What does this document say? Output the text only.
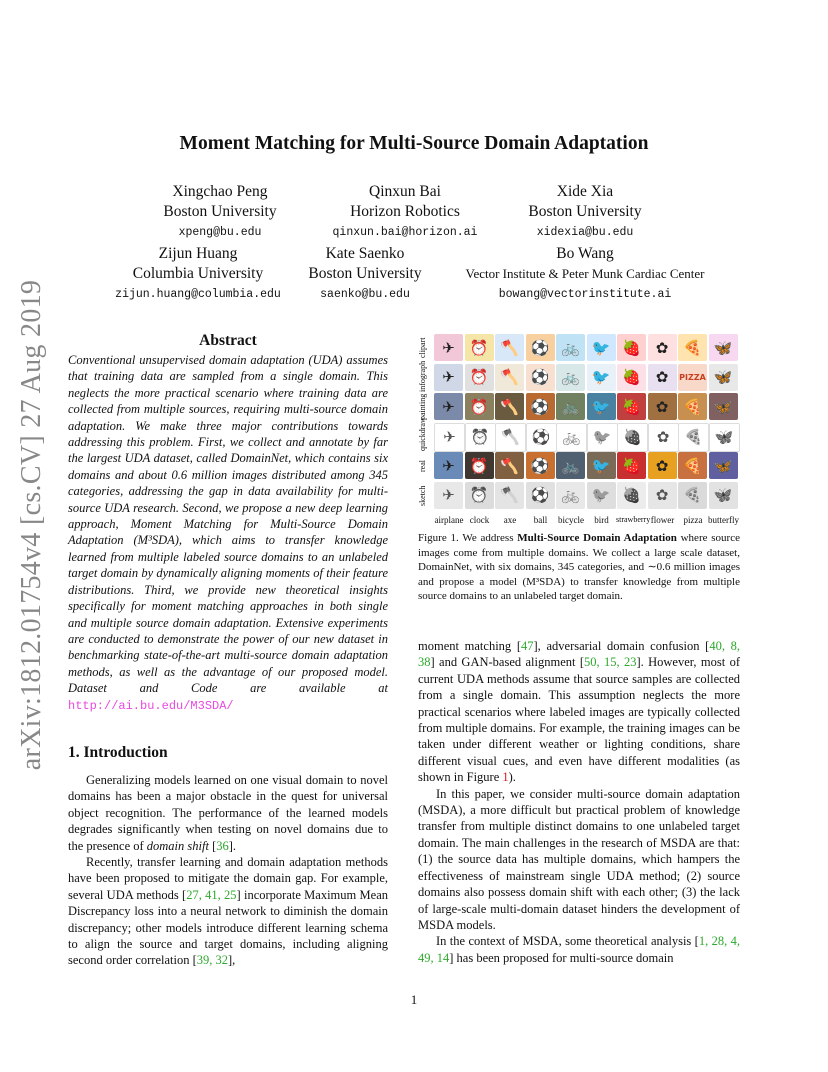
arXiv:1812.01754v4 [cs.CV] 27 Aug 2019
Moment Matching for Multi-Source Domain Adaptation
Xingchao Peng
Boston University
xpeng@bu.edu
Qinxun Bai
Horizon Robotics
qinxun.bai@horizon.ai
Xide Xia
Boston University
xidexia@bu.edu
Zijun Huang
Columbia University
zijun.huang@columbia.edu
Kate Saenko
Boston University
saenko@bu.edu
Bo Wang
Vector Institute & Peter Munk Cardiac Center
bowang@vectorinstitute.ai
Abstract
Conventional unsupervised domain adaptation (UDA) assumes that training data are sampled from a single domain. This neglects the more practical scenario where training data are collected from multiple sources, requiring multi-source domain adaptation. We make three major contributions towards addressing this problem. First, we collect and annotate by far the largest UDA dataset, called DomainNet, which contains six domains and about 0.6 million images distributed among 345 categories, addressing the gap in data availability for multi-source UDA research. Second, we propose a new deep learning approach, Moment Matching for Multi-Source Domain Adaptation (M³SDA), which aims to transfer knowledge learned from multiple labeled source domains to an unlabeled target domain by dynamically aligning moments of their feature distributions. Third, we provide new theoretical insights specifically for moment matching approaches in both single and multiple source domain adaptation. Extensive experiments are conducted to demonstrate the power of our new dataset in benchmarking state-of-the-art multi-source domain adaptation methods, as well as the advantage of our proposed model. Dataset and Code are available at http://ai.bu.edu/M3SDA/
1. Introduction

Generalizing models learned on one visual domain to novel domains has been a major obstacle in the quest for universal object recognition. The performance of the learned models degrades significantly when testing on novel domains due to the presence of domain shift [36].

Recently, transfer learning and domain adaptation methods have been proposed to mitigate the domain gap. For example, several UDA methods [27, 41, 25] incorporate Maximum Mean Discrepancy loss into a neural network to diminish the domain discrepancy; other models introduce different learning schema to align the source and target domains, including aligning second order correlation [39, 32],

clipart	✈ ⏰ 🪓 ⚽ 🚲 🐦 🍓 ✿ 🍕 🦋
infograph	✈ ⏰ 🪓 ⚽ 🚲 🐦 🍓 ✿	PIZZA 🦋
painting	✈ ⏰ 🪓 ⚽ 🚲 🐦 🍓 ✿ 🍕 🦋
quickdraw	✈ ⏰ 🪓 ⚽ 🚲 🐦 🍓 ✿ 🍕 🦋
real	✈ ⏰ 🪓 ⚽ 🚲 🐦 🍓 ✿ 🍕 🦋
sketch	✈ ⏰ 🪓 ⚽ 🚲 🐦 🍓 ✿ 🍕 🦋
airplane clock	axe	ball	bicycle	bird strawberry flower	pizza butterfly
Figure 1. We address Multi-Source Domain Adaptation where source images come from multiple domains. We collect a large scale dataset, DomainNet, with six domains, 345 categories, and ∼0.6 million images and propose a model (M³SDA) to transfer knowledge from multiple source domains to an unlabeled target domain.

moment matching [47], adversarial domain confusion [40, 8, 38] and GAN-based alignment [50, 15, 23]. However, most of current UDA methods assume that source samples are collected from a single domain. This assumption neglects the more practical scenarios where labeled images are typically collected from multiple domains. For example, the training images can be taken under different weather or lighting conditions, share different visual cues, and even have different modalities (as shown in Figure 1).

In this paper, we consider multi-source domain adaptation (MSDA), a more difficult but practical problem of knowledge transfer from multiple distinct domains to one unlabeled target domain. The main challenges in the research of MSDA are that: (1) the source data has multiple domains, which hampers the effectiveness of mainstream single UDA method; (2) source domains also possess domain shift with each other; (3) the lack of large-scale multi-domain dataset hinders the development of MSDA models.

In the context of MSDA, some theoretical analysis [1, 28, 4, 49, 14] has been proposed for multi-source domain

1
